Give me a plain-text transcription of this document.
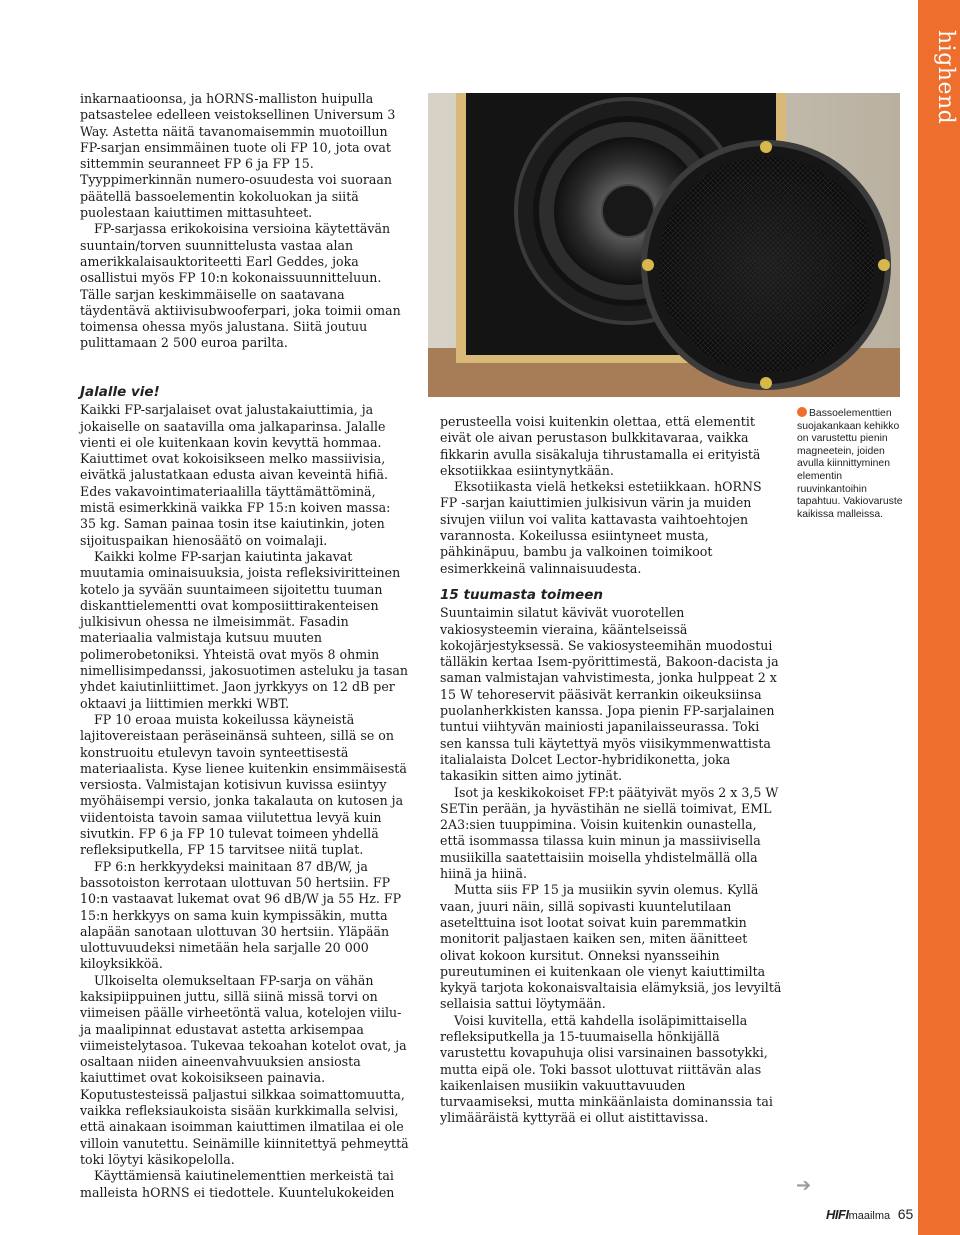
highend

inkarnaatioonsa, ja hORNS-malliston huipulla patsastelee edelleen veistoksellinen Universum 3 Way. Astetta näitä tavanomaisemmin muotoillun FP-sarjan ensimmäinen tuote oli FP 10, jota ovat sittemmin seuranneet FP 6 ja FP 15. Tyyppimerkinnän numero-osuudesta voi suoraan päätellä bassoelementin kokoluokan ja siitä puolestaan kaiuttimen mittasuhteet.

FP-sarjassa erikokoisina versioina käytettävän suuntain/torven suunnittelusta vastaa alan amerikkalaisauktoriteetti Earl Geddes, joka osallistui myös FP 10:n kokonaissuunnitteluun. Tälle sarjan keskimmäiselle on saatavana täydentävä aktiivisubwooferpari, joka toimii oman toimensa ohessa myös jalustana. Siitä joutuu pulittamaan 2 500 euroa parilta.

Jalalle vie!

Kaikki FP-sarjalaiset ovat jalustakaiuttimia, ja jokaiselle on saatavilla oma jalkaparinsa. Jalalle vienti ei ole kuitenkaan kovin kevyttä hommaa. Kaiuttimet ovat kokoisikseen melko massiivisia, eivätkä jalustatkaan edusta aivan keveintä hifiä. Edes vakavointimateriaalilla täyttämättöminä, mistä esimerkkinä vaikka FP 15:n koiven massa: 35 kg. Saman painaa tosin itse kaiutinkin, joten sijoituspaikan hienosäätö on voimalaji.

Kaikki kolme FP-sarjan kaiutinta jakavat muutamia ominaisuuksia, joista refleksiviritteinen kotelo ja syvään suuntaimeen sijoitettu tuuman diskanttielementti ovat komposiittirakenteisen julkisivun ohessa ne ilmeisimmät. Fasadin materiaalia valmistaja kutsuu muuten polimerobetoniksi. Yhteistä ovat myös 8 ohmin nimellisimpedanssi, jakosuotimen asteluku ja tasan yhdet kaiutinliittimet. Jaon jyrkkyys on 12 dB per oktaavi ja liittimien merkki WBT.

FP 10 eroaa muista kokeilussa käyneistä lajitovereistaan peräseinänsä suhteen, sillä se on konstruoitu etulevyn tavoin synteettisestä materiaalista. Kyse lienee kuitenkin ensimmäisestä versiosta. Valmistajan kotisivun kuvissa esiintyy myöhäisempi versio, jonka takalauta on kutosen ja viidentoista tavoin samaa viilutettua levyä kuin sivutkin. FP 6 ja FP 10 tulevat toimeen yhdellä refleksiputkella, FP 15 tarvitsee niitä tuplat.

FP 6:n herkkyydeksi mainitaan 87 dB/W, ja bassotoiston kerrotaan ulottuvan 50 hertsiin. FP 10:n vastaavat lukemat ovat 96 dB/W ja 55 Hz. FP 15:n herkkyys on sama kuin kympissäkin, mutta alapään sanotaan ulottuvan 30 hertsiin. Yläpään ulottuvuudeksi nimetään hela sarjalle 20 000 kiloyksikköä.

Ulkoiselta olemukseltaan FP-sarja on vähän kaksipiippuinen juttu, sillä siinä missä torvi on viimeisen päälle virheetöntä valua, kotelojen viilu- ja maalipinnat edustavat astetta arkisempaa viimeistelytasoa. Tukevaa tekoahan kotelot ovat, ja osaltaan niiden aineenvahvuuksien ansiosta kaiuttimet ovat kokoisikseen painavia. Koputustesteissä paljastui silkkaa soimattomuutta, vaikka refleksiaukoista sisään kurkkimalla selvisi, että ainakaan isoimman kaiuttimen ilmatilaa ei ole villoin vanutettu. Seinämille kiinnitettyä pehmeyttä toki löytyi käsikopelolla.

Käyttämiensä kaiutinelementtien merkeistä tai malleista hORNS ei tiedottele. Kuuntelukokeiden

perusteella voisi kuitenkin olettaa, että elementit eivät ole aivan perustason bulkkitavaraa, vaikka fikkarin avulla sisäkaluja tihrustamalla ei erityistä eksotiikkaa esiintynytkään.

Eksotiikasta vielä hetkeksi estetiikkaan. hORNS FP -sarjan kaiuttimien julkisivun värin ja muiden sivujen viilun voi valita kattavasta vaihtoehtojen varannosta. Kokeilussa esiintyneet musta, pähkinäpuu, bambu ja valkoinen toimikoot esimerkkeinä valinnaisuudesta.

15 tuumasta toimeen

Suuntaimin silatut kävivät vuorotellen vakiosysteemin vieraina, kääntelseissä kokojärjestyksessä. Se vakiosysteemihän muodostui tälläkin kertaa Isem-pyörittimestä, Bakoon-dacista ja saman valmistajan vahvistimesta, jonka hulppeat 2 x 15 W tehoreservit pääsivät kerrankin oikeuksiinsa puolanherkkisten kanssa. Jopa pienin FP-sarjalainen tuntui viihtyvän mainiosti japanilaisseurassa. Toki sen kanssa tuli käytettyä myös viisikymmenwattista italialaista Dolcet Lector-hybridikonetta, joka takasikin sitten aimo jytinät.

Isot ja keskikokoiset FP:t päätyivät myös 2 x 3,5 W SETin perään, ja hyvästihän ne siellä toimivat, EML 2A3:sien tuuppimina. Voisin kuitenkin ounastella, että isommassa tilassa kuin minun ja massiivisella musiikilla saatettaisiin moisella yhdistelmällä olla hiinä ja hiinä.

Mutta siis FP 15 ja musiikin syvin olemus. Kyllä vaan, juuri näin, sillä sopivasti kuuntelutilaan asetelttuina isot lootat soivat kuin paremmatkin monitorit paljastaen kaiken sen, miten äänitteet olivat kokoon kursitut. Onneksi nyansseihin pureutuminen ei kuitenkaan ole vienyt kaiuttimilta kykyä tarjota kokonaisvaltaisia elämyksiä, jos levyiltä sellaisia sattui löytymään.

Voisi kuvitella, että kahdella isoläpimittaisella refleksiputkella ja 15-tuumaisella hönkijällä varustettu kovapuhuja olisi varsinainen bassotykki, mutta eipä ole. Toki bassot ulottuvat riittävän alas kaikenlaisen musiikin vakuuttavuuden turvaamiseksi, mutta minkäänlaista dominanssia tai ylimääräistä kyttyrää ei ollut aistittavissa.

Bassoelementtien suojakankaan kehikko on varustettu pienin magneetein, joiden avulla kiinnittyminen elementin ruuvinkantoihin tapahtuu. Vakiovaruste kaikissa malleissa.
➔
HIFImaailma 65
